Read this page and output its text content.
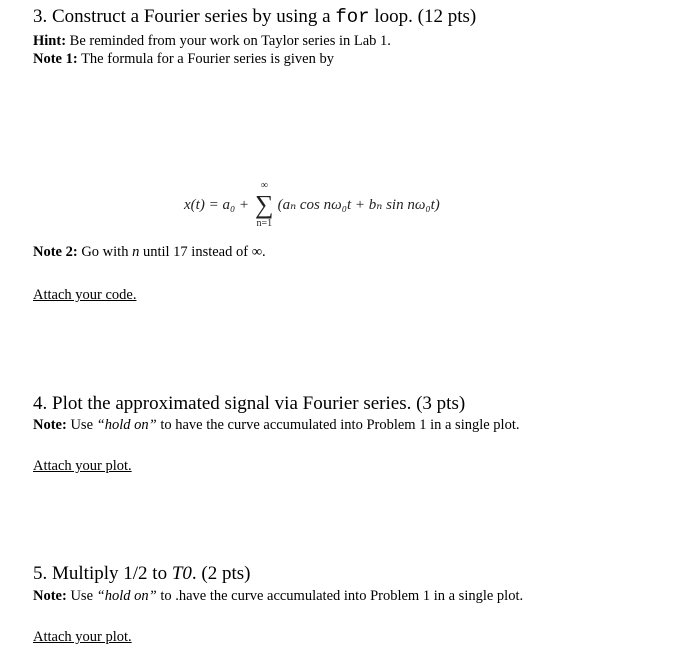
3. Construct a Fourier series by using a for loop. (12 pts)
Hint: Be reminded from your work on Taylor series in Lab 1.
Note 1: The formula for a Fourier series is given by
x(t) = a₀ +
∞
∑
n=1
(aₙ cos nω₀t + bₙ sin nω₀t)
Note 2: Go with n until 17 instead of ∞.
Attach your code.
4. Plot the approximated signal via Fourier series. (3 pts)
Note: Use “hold on” to have the curve accumulated into Problem 1 in a single plot.
Attach your plot.
5. Multiply 1/2 to T0. (2 pts)
Note: Use “hold on” to .have the curve accumulated into Problem 1 in a single plot.
Attach your plot.
